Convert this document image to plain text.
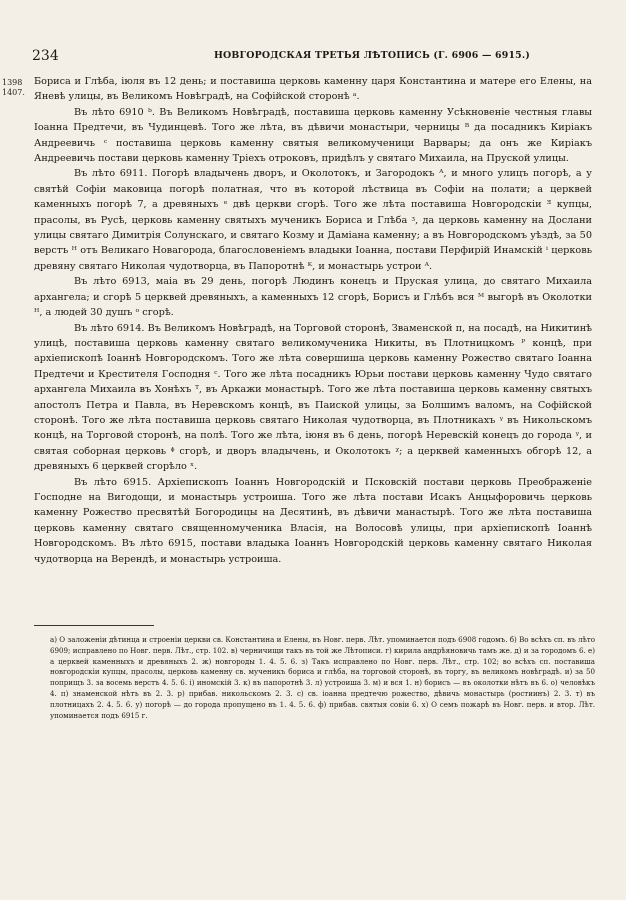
234	НОВГОРОДСКАЯ ТРЕТЬЯ ЛѢТОПИСЬ (Г. 6906 — 6915.)
1398
1407.

Бориса и Глѣба, іюля въ 12 день; и поставиша церковь каменну царя Константина и матере его Елены, на Яневѣ улицы, въ Великомъ Новѣградѣ, на Софійской сторонѣ ᵃ.

Въ лѣто 6910 ᵇ. Въ Великомъ Новѣградѣ, поставиша церковь каменну Усѣкновеніе честныя главы Іоанна Предтечи, въ Чудинцевѣ. Того же лѣта, въ дѣвичи монастыри, черницы ᴮ да посадникъ Киріакъ Андреевичь ᶜ поставиша церковь каменну святыя великомученици Варвары; да онъ же Киріакъ Андреевичь постави церковь каменну Трiехъ отроковъ, придѣлъ у святаго Михаила, на Пруской улицы.

Въ лѣто 6911. Погорѣ владычень дворъ, и Околотокъ, и Загородокъ ᴬ, и много улицъ погорѣ, а у святѣй Софіи маковица погорѣ полатная, что въ которой лѣствица въ Софіи на полати; а церквей каменныхъ погорѣ 7, а древяныхъ ᵉ двѣ церкви сгорѣ. Того же лѣта поставиша Новгородскіи ᴲ купцы, прасолы, въ Русѣ, церковь каменну святыхъ мученикъ Бориса и Глѣба ᶾ, да церковь каменну на Дослани улицы святаго Димитрія Солунскаго, и святаго Козму и Даміана каменну; а въ Новгородскомъ уѣздѣ, за 50 верстъ ᴴ отъ Великаго Новагорода, благословеніемъ владыки Іоанна, постави Перфирій Инамскій ⁱ церковь древяну святаго Николая чудотворца, въ Папоротнѣ ᴷ, и монастырь устрои ᴬ.

Въ лѣто 6913, маіа въ 29 день, погорѣ Людинъ конецъ и Пруская улица, до святаго Михаила архангела; и сгорѣ 5 церквей древяныхъ, а каменныхъ 12 сгорѣ, Борисъ и Глѣбъ вся ᴹ выгорѣ въ Околотки ᴴ, а людей 30 душъ ᵒ сгорѣ.

Въ лѣто 6914. Въ Великомъ Новѣградѣ, на Торговой сторонѣ, Зваменской ᴨ, на посадѣ, на Никитинѣ улицѣ, поставиша церковь каменну святаго великомученика Никиты, въ Плотницкомъ ᴾ концѣ, при архіепископѣ Іоаннѣ Новгородскомъ. Того же лѣта совершиша церковь каменну Рожество святаго Іоанна Предтечи и Крестителя Господня ᶜ. Того же лѣта посадникъ Юрьи постави церковь каменну Чудо святаго архангела Михаила въ Хонѣхъ ᵀ, въ Аркажи монастырѣ. Того же лѣта поставиша церковь каменну святыхъ апостолъ Петра и Павла, въ Неревскомъ концѣ, въ Паиской улицы, за Болшимъ валомъ, на Софійской сторонѣ. Того же лѣта поставиша церковь святаго Николая чудотворца, въ Плотникахъ ᵞ въ Никольскомъ концѣ, на Торговой сторонѣ, на полѣ. Того же лѣта, іюня въ 6 день, погорѣ Неревскій конецъ до города ᵞ, и святая соборная церковь ᶲ сгорѣ, и дворъ владычень, и Околотокъ ᵡ; а церквей каменныхъ обгорѣ 12, а древяныхъ 6 церквей сгорѣло ˣ.

Въ лѣто 6915. Архіепископъ Іоаннъ Новгородскій и Псковскій постави церковь Преображеніе Господне на Вигодощи, и монастырь устроиша. Того же лѣта постави Исакъ Анцыфоровичь церковь каменну Рожество пресвятѣй Богородицы на Десятинѣ, въ дѣвичи манастырѣ. Того же лѣта поставиша церковь каменну святаго священномученика Власія, на Волосовѣ улицы, при архіепископѣ Іоаннѣ Новгородскомъ. Въ лѣто 6915, постави владыка Іоаннъ Новгородскій церковь каменну святаго Николая чудотворца на Верендѣ, и монастырь устроиша.

а) О заложеніи дѣтинца и строеніи церкви св. Константина и Елены, въ Новг. перв. Лѣт. упоминается подъ 6908 годомъ. б) Во всѣхъ сп. въ лѣто 6909; исправлено по Новг. перв. Лѣт., стр. 102. в) черничищи такъ въ той же Лѣтописи. г) кирила андрѣяновичь тамъ же. д) и за городомъ 6. е) а церквей каменныхъ и древяныхъ 2. ж) новгороды 1. 4. 5. 6. з) Такъ исправлено по Новг. перв. Лѣт., стр. 102; во всѣхъ сп. поставиша новгородскіи купцы, прасолы, церковь каменну св. мученикъ бориса и глѣба, на торговой сторонѣ, въ торгу, въ великомъ новѣградѣ. и) за 50 поприщъ 3. за восемь верстъ 4. 5. 6. і) иномскій 3. к) въ папоротнѣ 3. л) устроиша 3. м) и вся 1. н) борисъ — въ околотки нѣтъ въ 6. о) человѣкъ 4. п) знаменской нѣтъ въ 2. 3. р) прибав. никольскомъ 2. 3. с) св. іоанна предтечю рожество, дѣвичь монастырь (ростиинъ) 2. 3. т) въ плотницахъ 2. 4. 5. 6. у) погорѣ — до города пропущено въ 1. 4. 5. 6. ф) прибав. святыя совіи 6. х) О семъ пожарѣ въ Новг. перв. и втор. Лѣт. упоминается подъ 6915 г.
